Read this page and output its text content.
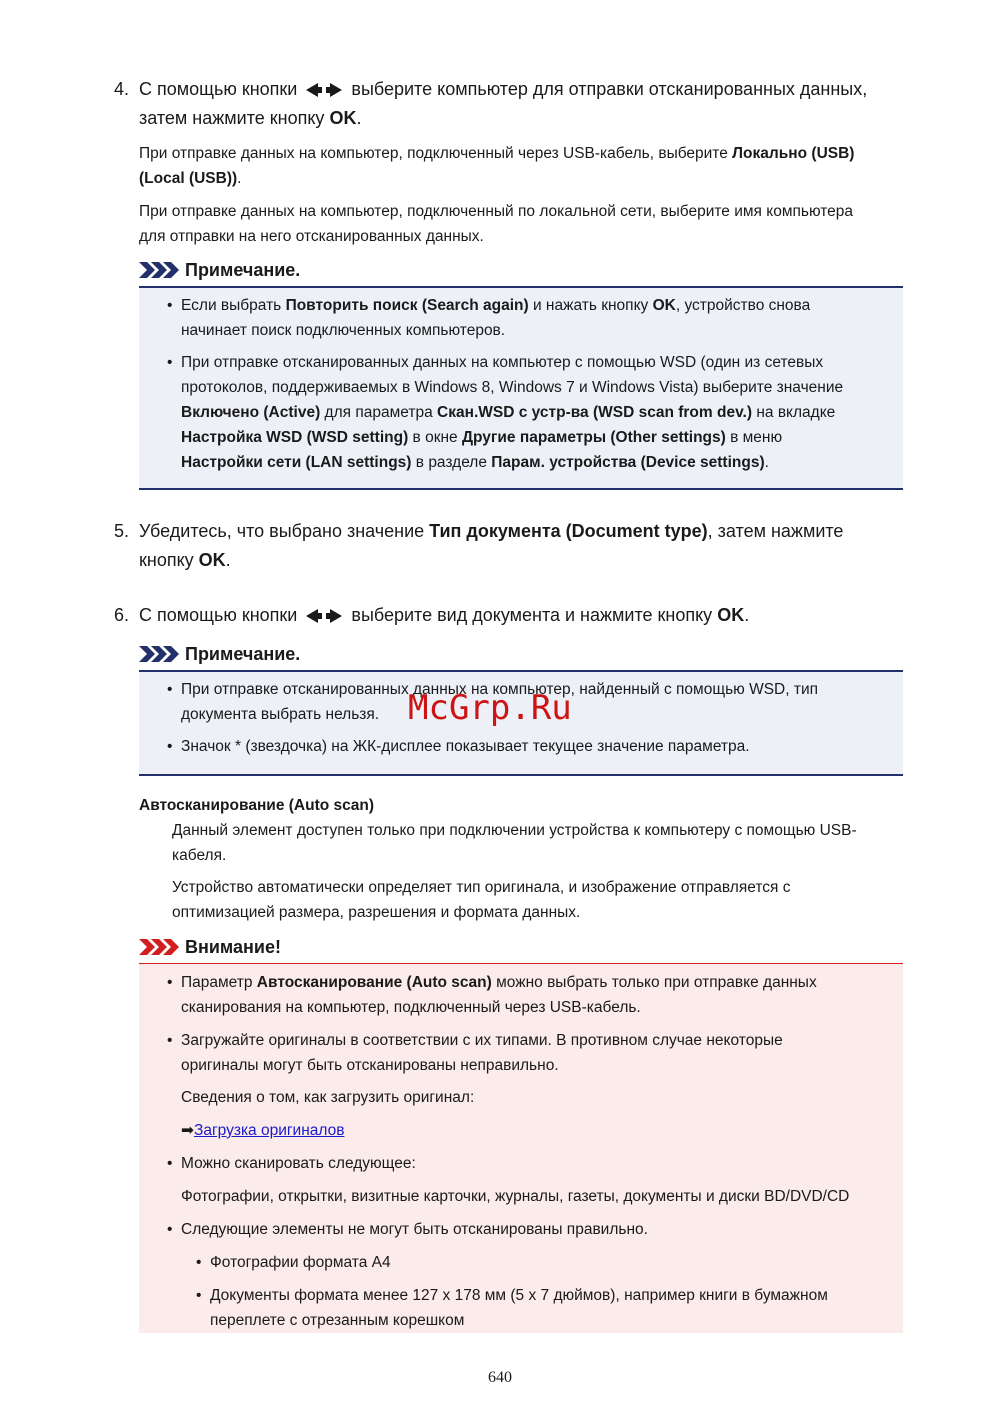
4. С помощью кнопки	выберите компьютер для отправки отсканированных данных,
затем нажмите кнопку OK.
При отправке данных на компьютер, подключенный через USB-кабель, выберите Локально (USB)
(Local (USB)).
При отправке данных на компьютер, подключенный по локальной сети, выберите имя компьютера
для отправки на него отсканированных данных.
Примечание.
• Если выбрать Повторить поиск (Search again) и нажать кнопку OK, устройство снова
начинает поиск подключенных компьютеров.
• При отправке отсканированных данных на компьютер с помощью WSD (один из сетевых
протоколов, поддерживаемых в Windows 8, Windows 7 и Windows Vista) выберите значение
Включено (Active) для параметра Скан.WSD с устр-ва (WSD scan from dev.) на вкладке
Настройка WSD (WSD setting) в окне Другие параметры (Other settings) в меню
Настройки сети (LAN settings) в разделе Парам. устройства (Device settings).
5. Убедитесь, что выбрано значение Тип документа (Document type), затем нажмите
кнопку OK.
6. С помощью кнопки	выберите вид документа и нажмите кнопку OK.
Примечание.
• При отправке отсканированных данных на компьютер, найденный с помощью WSD, тип
документа выбрать нельзя.
• Значок * (звездочка) на ЖК-дисплее показывает текущее значение параметра.
McGrp.Ru
Автосканирование (Auto scan)
Данный элемент доступен только при подключении устройства к компьютеру с помощью USB-
кабеля.
Устройство автоматически определяет тип оригинала, и изображение отправляется с
оптимизацией размера, разрешения и формата данных.
Внимание!
• Параметр Автосканирование (Auto scan) можно выбрать только при отправке данных
сканирования на компьютер, подключенный через USB-кабель.
• Загружайте оригиналы в соответствии с их типами. В противном случае некоторые
оригиналы могут быть отсканированы неправильно.
Сведения о том, как загрузить оригинал:
➡Загрузка оригиналов
• Можно сканировать следующее:
Фотографии, открытки, визитные карточки, журналы, газеты, документы и диски BD/DVD/CD
• Следующие элементы не могут быть отсканированы правильно.
• Фотографии формата A4
• Документы формата менее 127 x 178 мм (5 x 7 дюймов), например книги в бумажном
переплете с отрезанным корешком
640
